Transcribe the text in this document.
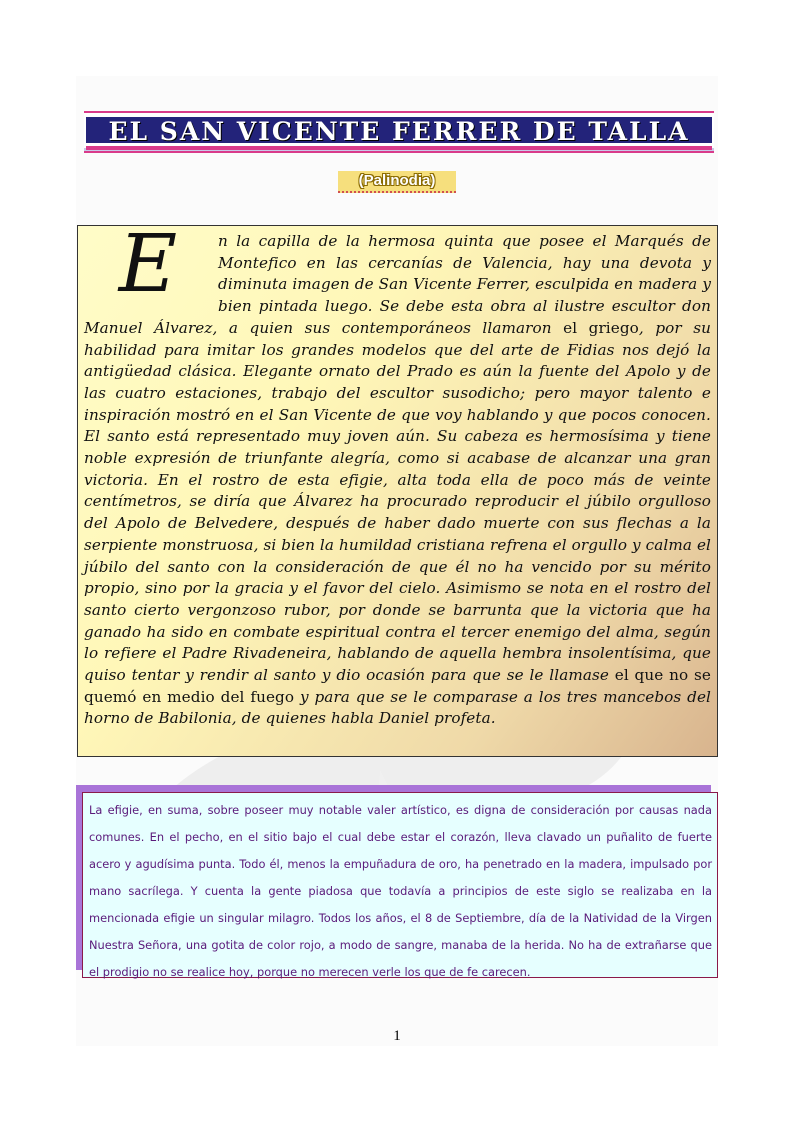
EL SAN VICENTE FERRER DE TALLA
(Palinodia)

E	n la capilla de la hermosa quinta que posee el Marqués de Montefico en las cercanías de Valencia, hay una devota y diminuta imagen de San Vicente Ferrer, esculpida en madera y bien pintada luego. Se debe esta obra al ilustre escultor don Manuel Álvarez, a quien sus contemporáneos llamaron el griego, por su habilidad para imitar los grandes modelos que del arte de Fidias nos dejó la antigüedad clásica. Elegante ornato del Prado es aún la fuente del Apolo y de las cuatro estaciones, trabajo del escultor susodicho; pero mayor talento e inspiración mostró en el San Vicente de que voy hablando y que pocos conocen. El santo está representado muy joven aún. Su cabeza es hermosísima y tiene noble expresión de triunfante alegría, como si acabase de alcanzar una gran victoria. En el rostro de esta efigie, alta toda ella de poco más de veinte centímetros, se diría que Álvarez ha procurado reproducir el júbilo orgulloso del Apolo de Belvedere, después de haber dado muerte con sus flechas a la serpiente monstruosa, si bien la humildad cristiana refrena el orgullo y calma el júbilo del santo con la consideración de que él no ha vencido por su mérito propio, sino por la gracia y el favor del cielo. Asimismo se nota en el rostro del santo cierto vergonzoso rubor, por donde se barrunta que la victoria que ha ganado ha sido en combate espiritual contra el tercer enemigo del alma, según lo refiere el Padre Rivadeneira, hablando de aquella hembra insolentísima, que quiso tentar y rendir al santo y dio ocasión para que se le llamase el que no se quemó en medio del fuego y para que se le comparase a los tres mancebos del horno de Babilonia, de quienes habla Daniel profeta.

La efigie, en suma, sobre poseer muy notable valer artístico, es digna de consideración por causas nada comunes. En el pecho, en el sitio bajo el cual debe estar el corazón, lleva clavado un puñalito de fuerte acero y agudísima punta. Todo él, menos la empuñadura de oro, ha penetrado en la madera, impulsado por mano sacrílega. Y cuenta la gente piadosa que todavía a principios de este siglo se realizaba en la mencionada efigie un singular milagro. Todos los años, el 8 de Septiembre, día de la Natividad de la Virgen Nuestra Señora, una gotita de color rojo, a modo de sangre, manaba de la herida. No ha de extrañarse que el prodigio no se realice hoy, porque no merecen verle los que de fe carecen.

1
